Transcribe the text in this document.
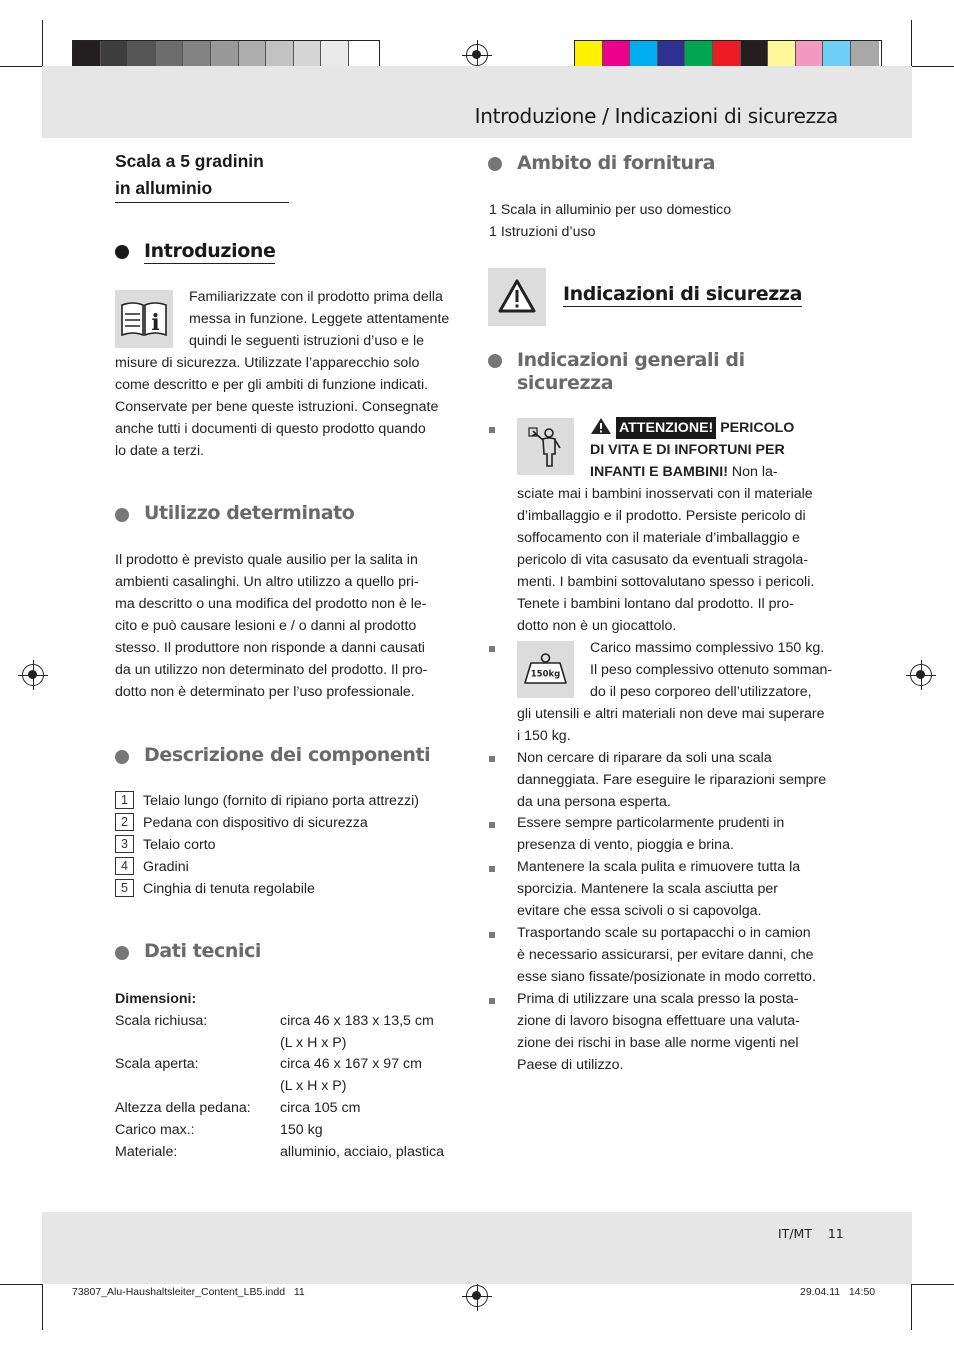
Introduzione / Indicazioni di sicurezza
IT/MT    11
73807_Alu-Haushaltsleiter_Content_LB5.indd   11	29.04.11   14:50
Scala a 5 gradinin
in alluminio
Introduzione
i
Familiarizzate con il prodotto prima della
messa in funzione. Leggete attentamente
quindi le seguenti istruzioni d’uso e le
misure di sicurezza. Utilizzate l’apparecchio solo
come descritto e per gli ambiti di funzione indicati.
Conservate per bene queste istruzioni. Consegnate
anche tutti i documenti di questo prodotto quando
lo date a terzi.
Utilizzo determinato
Il prodotto è previsto quale ausilio per la salita in
ambienti casalinghi. Un altro utilizzo a quello pri-
ma descritto o una modifica del prodotto non è le-
cito e può causare lesioni e / o danni al prodotto
stesso. Il produttore non risponde a danni causati
da un utilizzo non determinato del prodotto. Il pro-
dotto non è determinato per l’uso professionale.
Descrizione dei componenti
1	Telaio lungo (fornito di ripiano porta attrezzi)
2	Pedana con dispositivo di sicurezza
3	Telaio corto
4	Gradini
5	Cinghia di tenuta regolabile
Dati tecnici
Dimensioni:
Scala richiusa:	circa 46 x 183 x 13,5 cm
(L x H x P)
Scala aperta:	circa 46 x 167 x 97 cm
(L x H x P)
Altezza della pedana: circa 105 cm
Carico max.:	150 kg
Materiale:	alluminio, acciaio, plastica
Ambito di fornitura
1 Scala in alluminio per uso domestico
1 Istruzioni d’uso
Indicazioni di sicurezza
Indicazioni generali di
sicurezza
ATTENZIONE! PERICOLO
DI VITA E DI INFORTUNI PER
INFANTI E BAMBINI! Non la-
sciate mai i bambini inosservati con il materiale
d’imballaggio e il prodotto. Persiste pericolo di
soffocamento con il materiale d’imballaggio e
pericolo di vita casusato da eventuali stragola-
menti. I bambini sottovalutano spesso i pericoli.
Tenete i bambini lontano dal prodotto. Il pro-
dotto non è un giocattolo.
150kg
Carico massimo complessivo 150 kg.
Il peso complessivo ottenuto somman-
do il peso corporeo dell’utilizzatore,
gli utensili e altri materiali non deve mai superare
i 150 kg.
Non cercare di riparare da soli una scala
danneggiata. Fare eseguire le riparazioni sempre
da una persona esperta.
Essere sempre particolarmente prudenti in
presenza di vento, pioggia e brina.
Mantenere la scala pulita e rimuovere tutta la
sporcizia. Mantenere la scala asciutta per
evitare che essa scivoli o si capovolga.
Trasportando scale su portapacchi o in camion
è necessario assicurarsi, per evitare danni, che
esse siano fissate/posizionate in modo corretto.
Prima di utilizzare una scala presso la posta-
zione di lavoro bisogna effettuare una valuta-
zione dei rischi in base alle norme vigenti nel
Paese di utilizzo.
